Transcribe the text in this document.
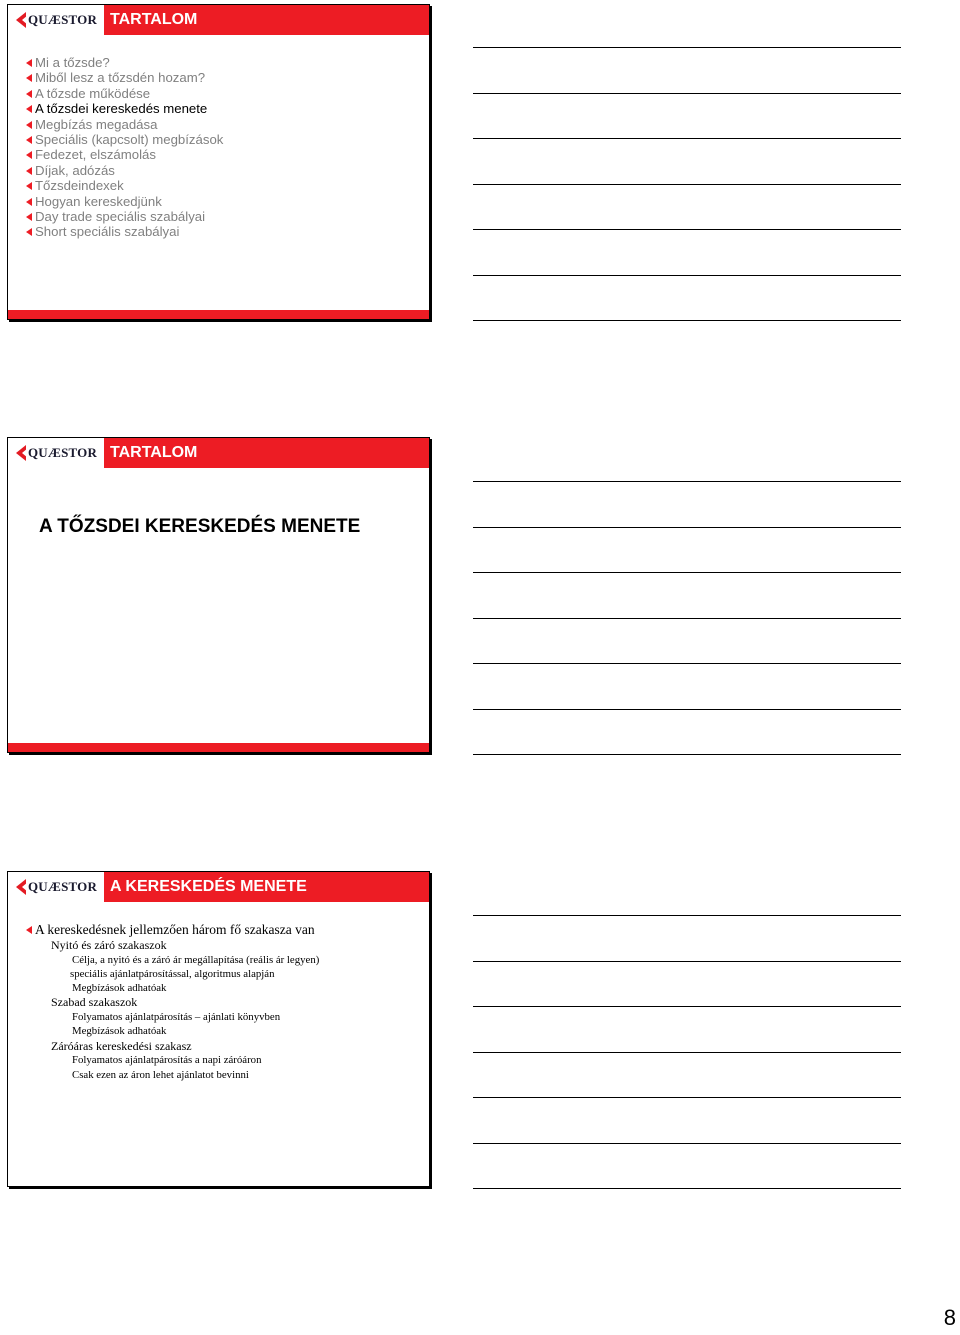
QUÆSTOR TARTALOM
Mi a tőzsde?
Miből lesz a tőzsdén hozam?
A tőzsde működése
A tőzsdei kereskedés menete
Megbízás megadása
Speciális (kapcsolt) megbízások
Fedezet, elszámolás
Díjak, adózás
Tőzsdeindexek
Hogyan kereskedjünk
Day trade speciális szabályai
Short speciális szabályai
QUÆSTOR TARTALOM
A TŐZSDEI KERESKEDÉS MENETE
QUÆSTOR A KERESKEDÉS MENETE
A kereskedésnek jellemzően három fő szakasza van
Nyitó és záró szakaszok
Célja, a nyitó és a záró ár megállapítása (reális ár legyen)
speciális ajánlatpárosítással, algoritmus alapján
Megbízások adhatóak
Szabad szakaszok
Folyamatos ajánlatpárosítás – ajánlati könyvben
Megbízások adhatóak
Záróáras kereskedési szakasz
Folyamatos ajánlatpárosítás a napi záróáron
Csak ezen az áron lehet ajánlatot bevinni
8
